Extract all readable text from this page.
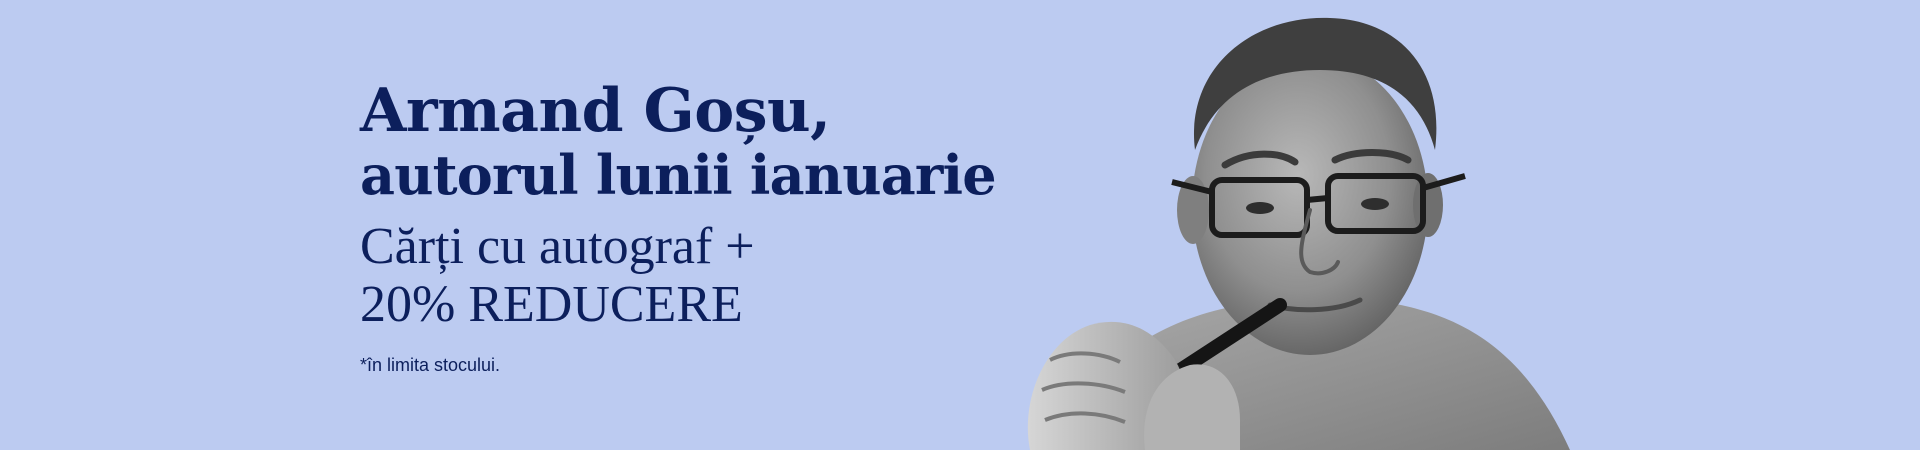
Armand Goșu,
autorul lunii ianuarie
Cărți cu autograf +
20% REDUCERE
*în limita stocului.
